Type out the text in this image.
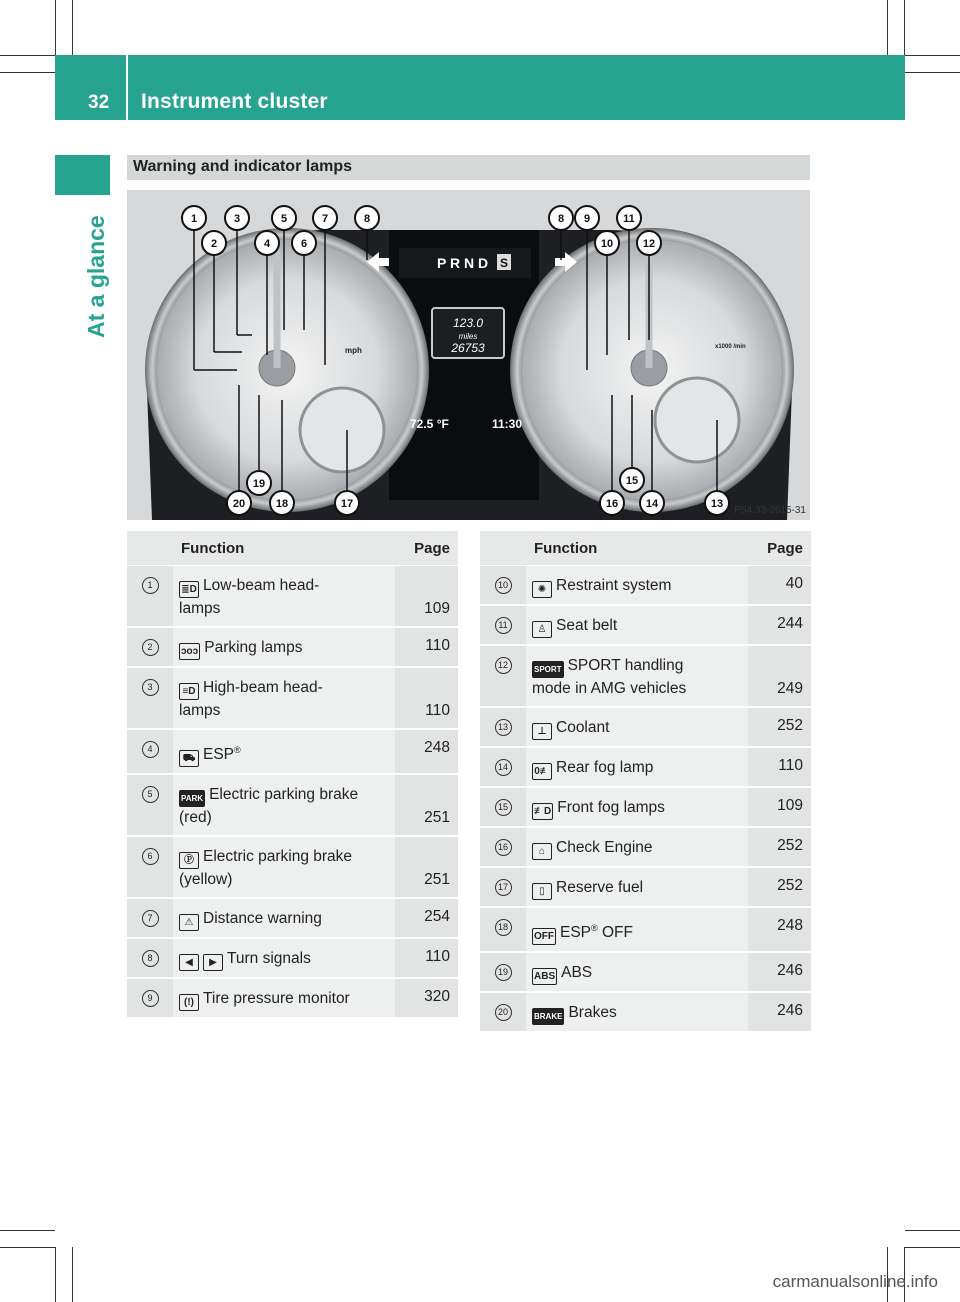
32 Instrument cluster
At a glance
Warning and indicator lamps
1
2
3
4
5
6
7	8	8 9
10
11
12
13
14
15
16
17
18
19
20
P R N D S
123.0
miles
26753
72.5 °F	11:30
mph	x1000 /min
P54.33-2615-31
	Function	Page
1	≣D Low-beam head-
lamps	109
2	ↄoↄ Parking lamps	110
3	≡D High-beam head-
lamps	110
4	⛟ ESP®	248
5	PARK Electric parking brake
(red)	251
6	Ⓟ Electric parking brake
(yellow)	251
7	⚠ Distance warning	254
8	◀ ▶ Turn signals	110
9	(!) Tire pressure monitor	320
	Function	Page
10	✺ Restraint system	40
11	♙ Seat belt	244
12	SPORT SPORT handling
mode in AMG vehicles	249
13	⊥ Coolant	252
14	0≢ Rear fog lamp	110
15	≢D Front fog lamps	109
16	⌂ Check Engine	252
17	▯ Reserve fuel	252
18	OFF ESP® OFF	248
19	ABS ABS	246
20	BRAKE Brakes	246
carmanualsonline.info
